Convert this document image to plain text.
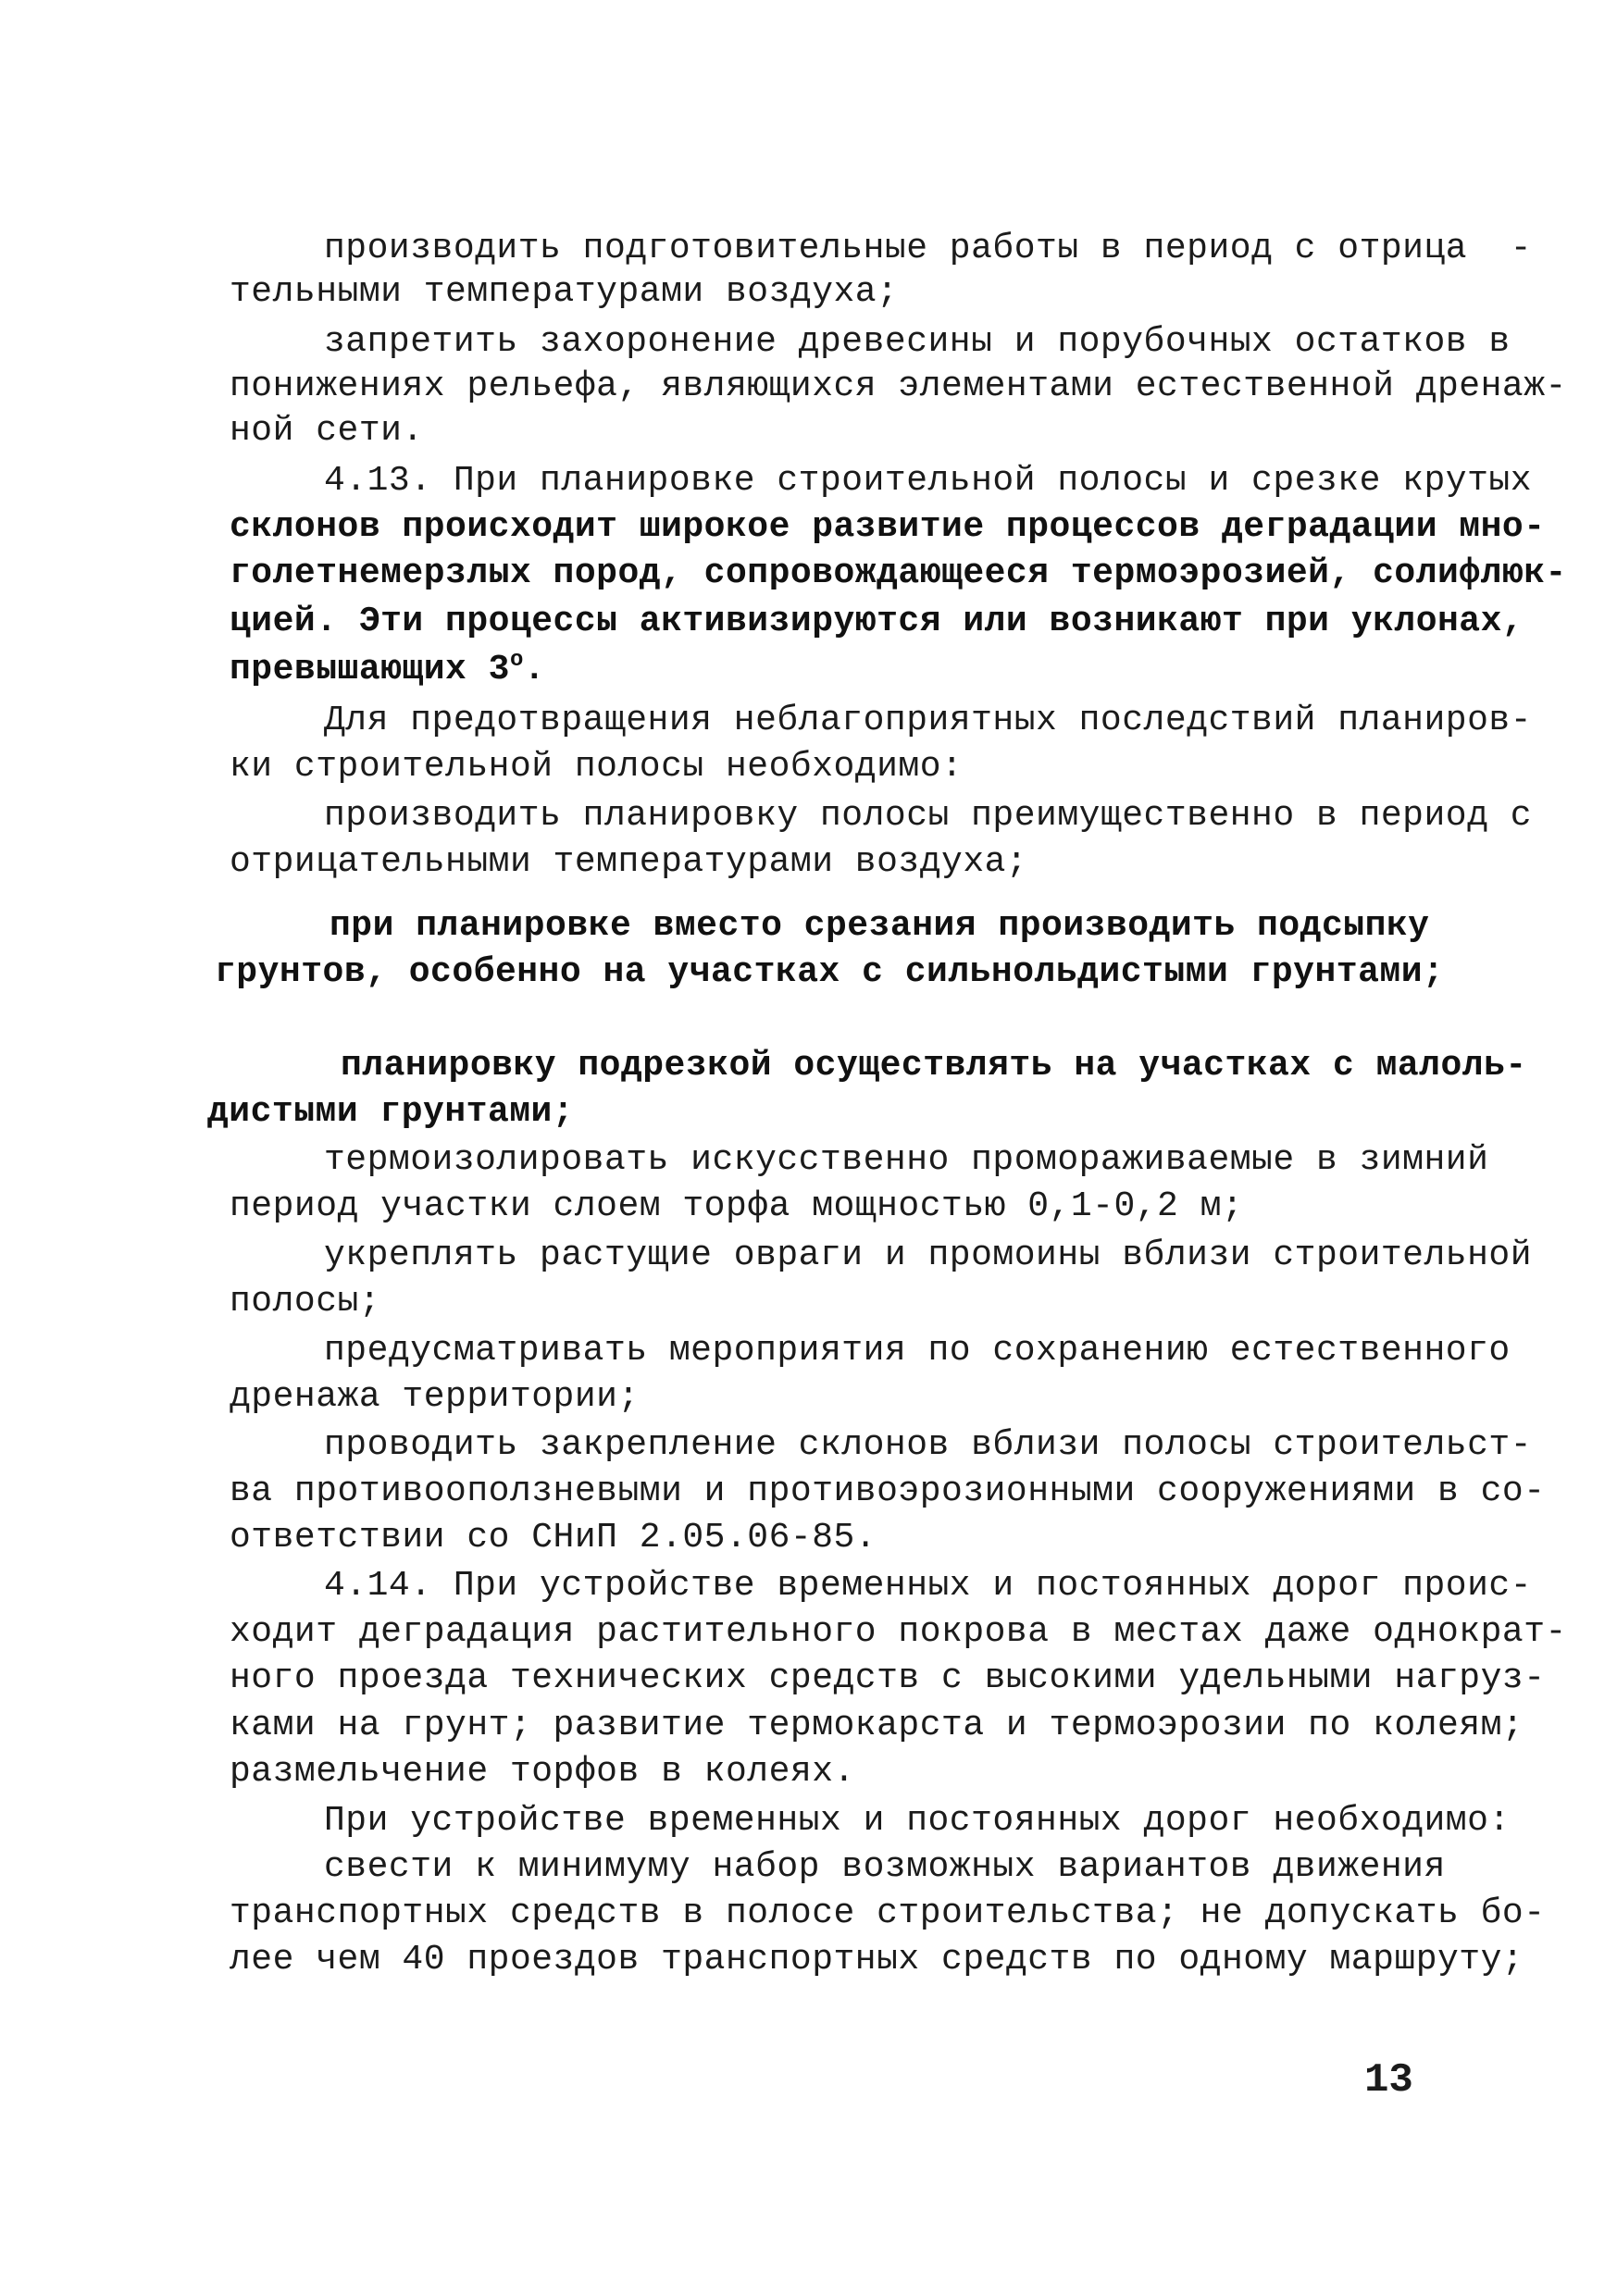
производить подготовительные работы в период с отрица  -
тельными температурами воздуха;
запретить захоронение древесины и порубочных остатков в
понижениях рельефа, являющихся элементами естественной дренаж-
ной сети.
4.13. При планировке строительной полосы и срезке крутых
склонов происходит широкое развитие процессов деградации мно-
голетнемерзлых пород, сопровождающееся термоэрозией, солифлюк-
цией. Эти процессы активизируются или возникают при уклонах,
превышающих $3^о$.
Для предотвращения неблагоприятных последствий планиров-
ки строительной полосы необходимо:
производить планировку полосы преимущественно в период с
отрицательными температурами воздуха;
при планировке вместо срезания производить подсыпку
грунтов, особенно на участках с сильнольдистыми грунтами;
планировку подрезкой осуществлять на участках с малоль-
дистыми грунтами;
термоизолировать искусственно промораживаемые в зимний
период участки слоем торфа мощностью 0,1-0,2 м;
укреплять растущие овраги и промоины вблизи строительной
полосы;
предусматривать мероприятия по сохранению естественного
дренажа территории;
проводить закрепление склонов вблизи полосы строительст-
ва противооползневыми и противоэрозионными сооружениями в со-
ответствии со СНиП 2.05.06-85.
4.14. При устройстве временных и постоянных дорог проис-
ходит деградация растительного покрова в местах даже однократ-
ного проезда технических средств с высокими удельными нагруз-
ками на грунт; развитие термокарста и термоэрозии по колеям;
размельчение торфов в колеях.
При устройстве временных и постоянных дорог необходимо:
свести к минимуму набор возможных вариантов движения
транспортных средств в полосе строительства; не допускать бо-
лее чем 40 проездов транспортных средств по одному маршруту;
13
